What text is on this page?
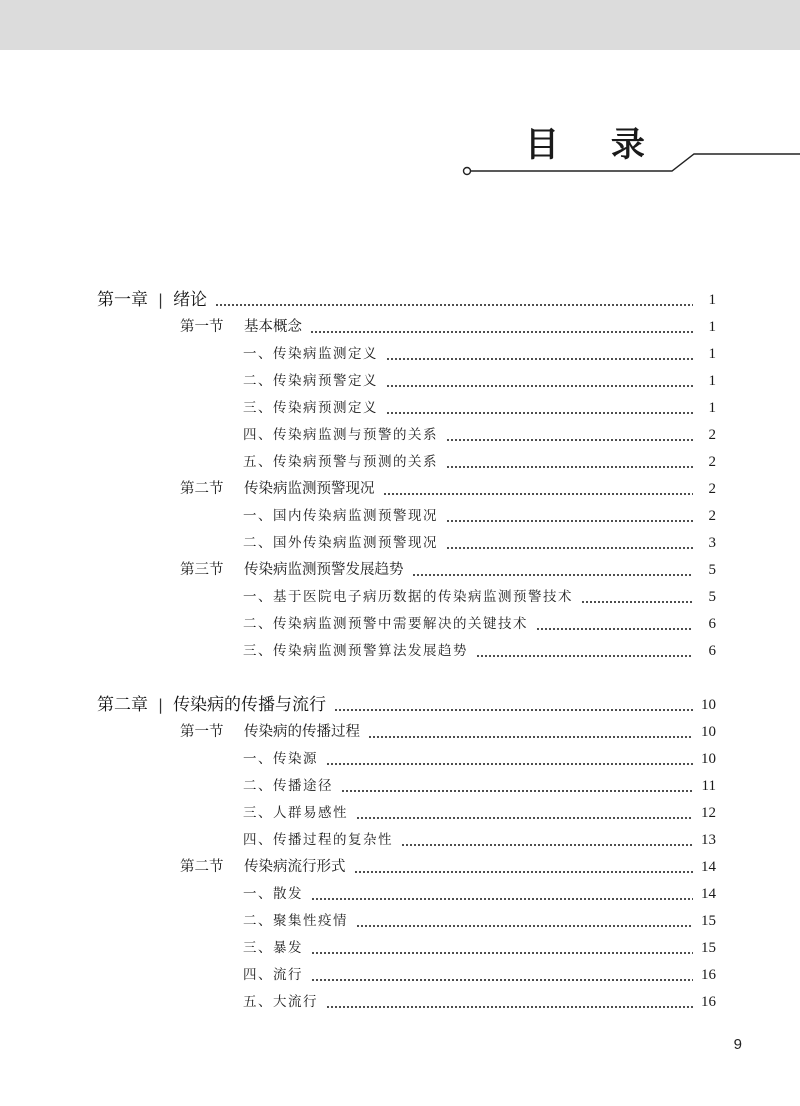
目 录
第一章 | 绪论	1
第一节 基本概念	1
一、传染病监测定义	1
二、传染病预警定义	1
三、传染病预测定义	1
四、传染病监测与预警的关系	2
五、传染病预警与预测的关系	2
第二节 传染病监测预警现况	2
一、国内传染病监测预警现况	2
二、国外传染病监测预警现况	3
第三节 传染病监测预警发展趋势	5
一、基于医院电子病历数据的传染病监测预警技术	5
二、传染病监测预警中需要解决的关键技术	6
三、传染病监测预警算法发展趋势	6
第二章 | 传染病的传播与流行	10
第一节 传染病的传播过程	10
一、传染源	10
二、传播途径	11
三、人群易感性	12
四、传播过程的复杂性	13
第二节 传染病流行形式	14
一、散发	14
二、聚集性疫情	15
三、暴发	15
四、流行	16
五、大流行	16
9
